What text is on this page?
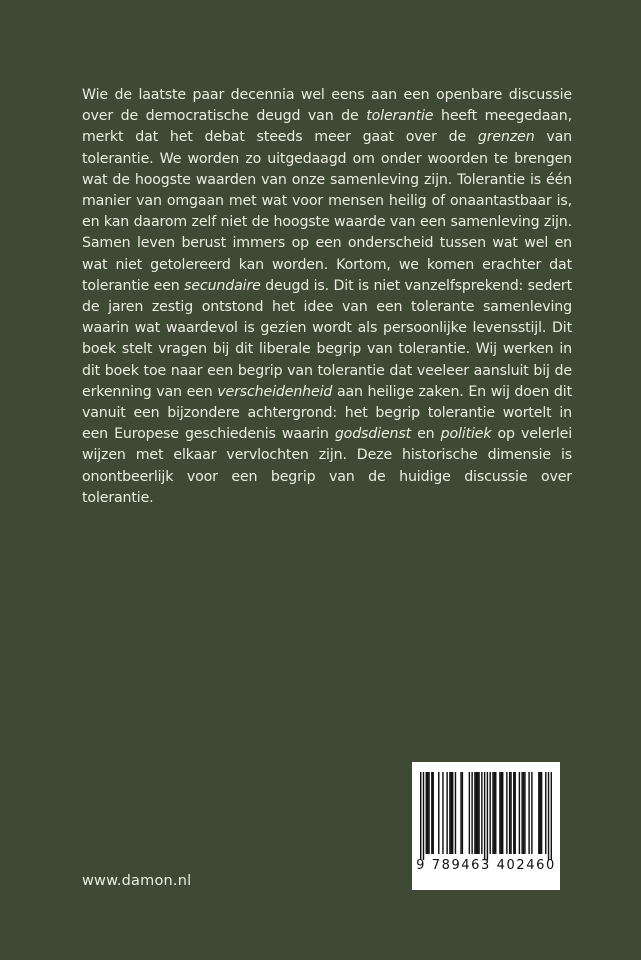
Wie de laatste paar decennia wel eens aan een openbare discussie over de democratische deugd van de tolerantie heeft meegedaan, merkt dat het debat steeds meer gaat over de grenzen van tolerantie. We worden zo uitgedaagd om onder woorden te brengen wat de hoogste waarden van onze samenleving zijn. Tolerantie is één manier van omgaan met wat voor mensen heilig of onaantastbaar is, en kan daarom zelf niet de hoogste waarde van een samenleving zijn. Samen leven berust immers op een onderscheid tussen wat wel en wat niet getolereerd kan worden. Kortom, we komen erachter dat tolerantie een secundaire deugd is. Dit is niet vanzelfsprekend: sedert de jaren zestig ontstond het idee van een tolerante samenleving waarin wat waardevol is gezien wordt als persoonlijke levensstijl. Dit boek stelt vragen bij dit liberale begrip van tolerantie. Wij werken in dit boek toe naar een begrip van tolerantie dat veeleer aansluit bij de erkenning van een verscheidenheid aan heilige zaken. En wij doen dit vanuit een bijzondere achtergrond: het begrip tolerantie wortelt in een Europese geschiedenis waarin godsdienst en politiek op velerlei wijzen met elkaar vervlochten zijn. Deze historische dimensie is onontbeerlijk voor een begrip van de huidige discussie over tolerantie.
www.damon.nl
9 789463 402460
